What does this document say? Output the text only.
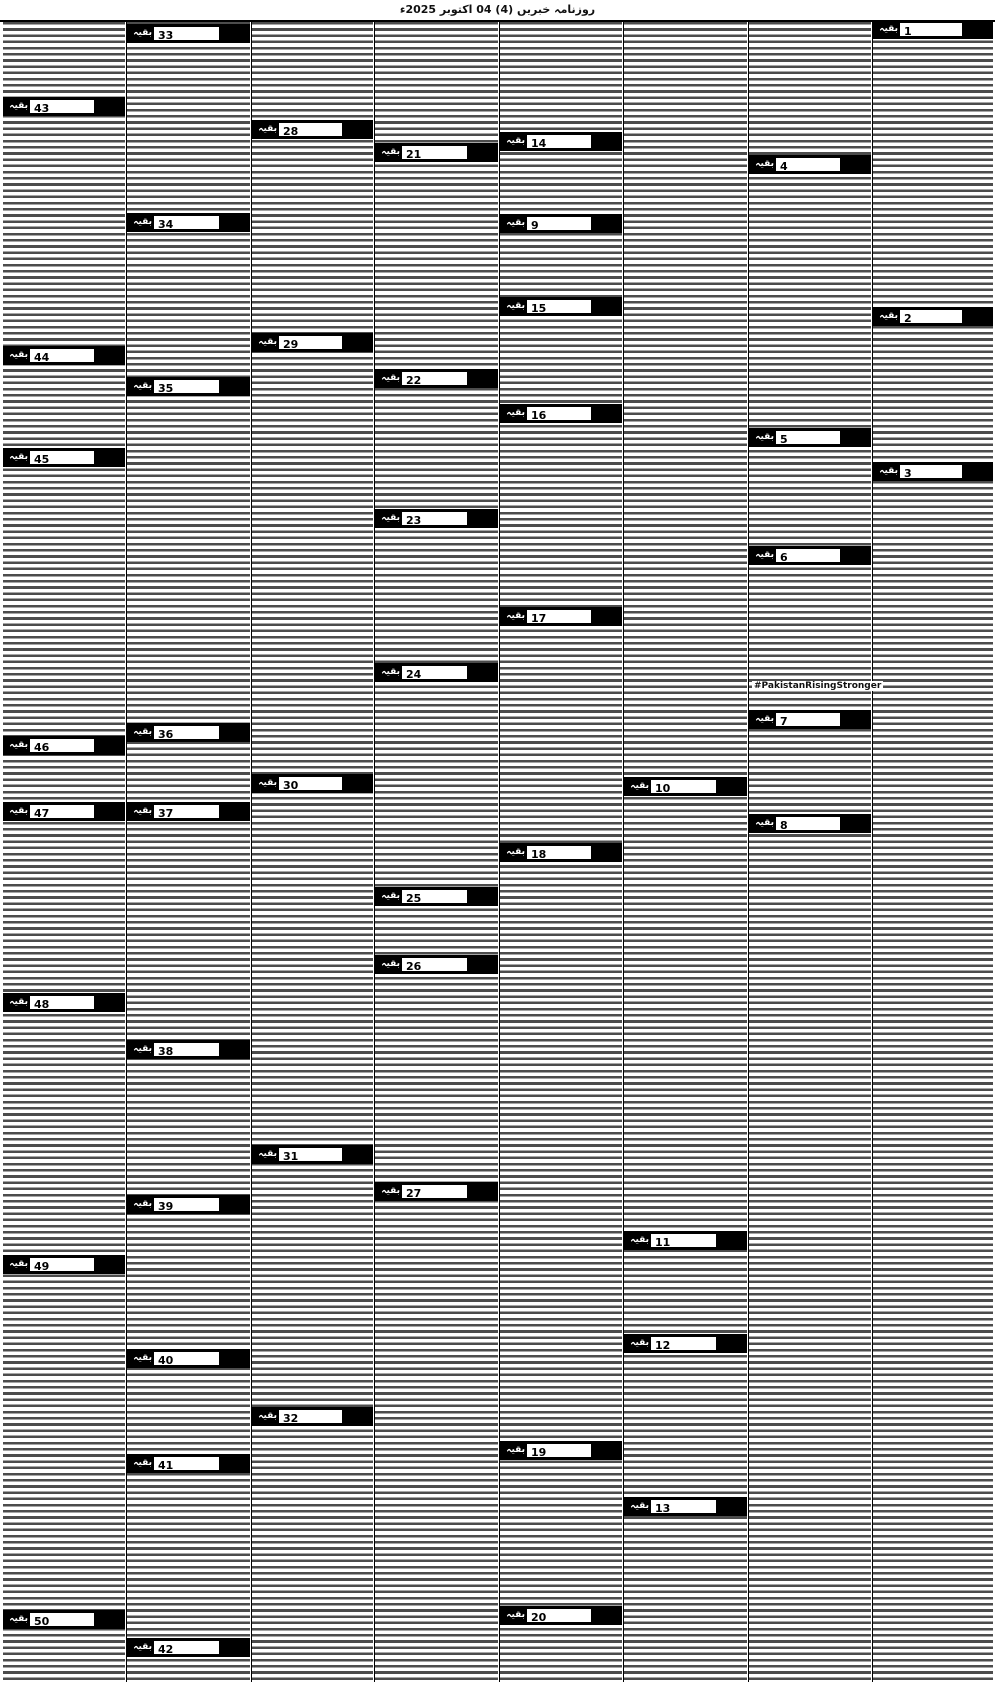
روزنامہ خبریں (4) 04 اکتوبر 2025ء
1
بقیہ
2
بقیہ
3
بقیہ
4
بقیہ
5
بقیہ
6
بقیہ
7
بقیہ
8
بقیہ
9
بقیہ
10
بقیہ
11
بقیہ
12
بقیہ
13
بقیہ
14
بقیہ
15
بقیہ
16
بقیہ
17
بقیہ
18
بقیہ
19
بقیہ
20
بقیہ
21
بقیہ
22
بقیہ
23
بقیہ
24
بقیہ
25
بقیہ
26
بقیہ
27
بقیہ
28
بقیہ
29
بقیہ
30
بقیہ
31
بقیہ
32
بقیہ
33
بقیہ
34
بقیہ
35
بقیہ
36
بقیہ
37
بقیہ
38
بقیہ
39
بقیہ
40
بقیہ
41
بقیہ
42
بقیہ
43
بقیہ
44
بقیہ
45
بقیہ
46
بقیہ
47
بقیہ
48
بقیہ
49
بقیہ
50
بقیہ
#PakistanRisingStronger
